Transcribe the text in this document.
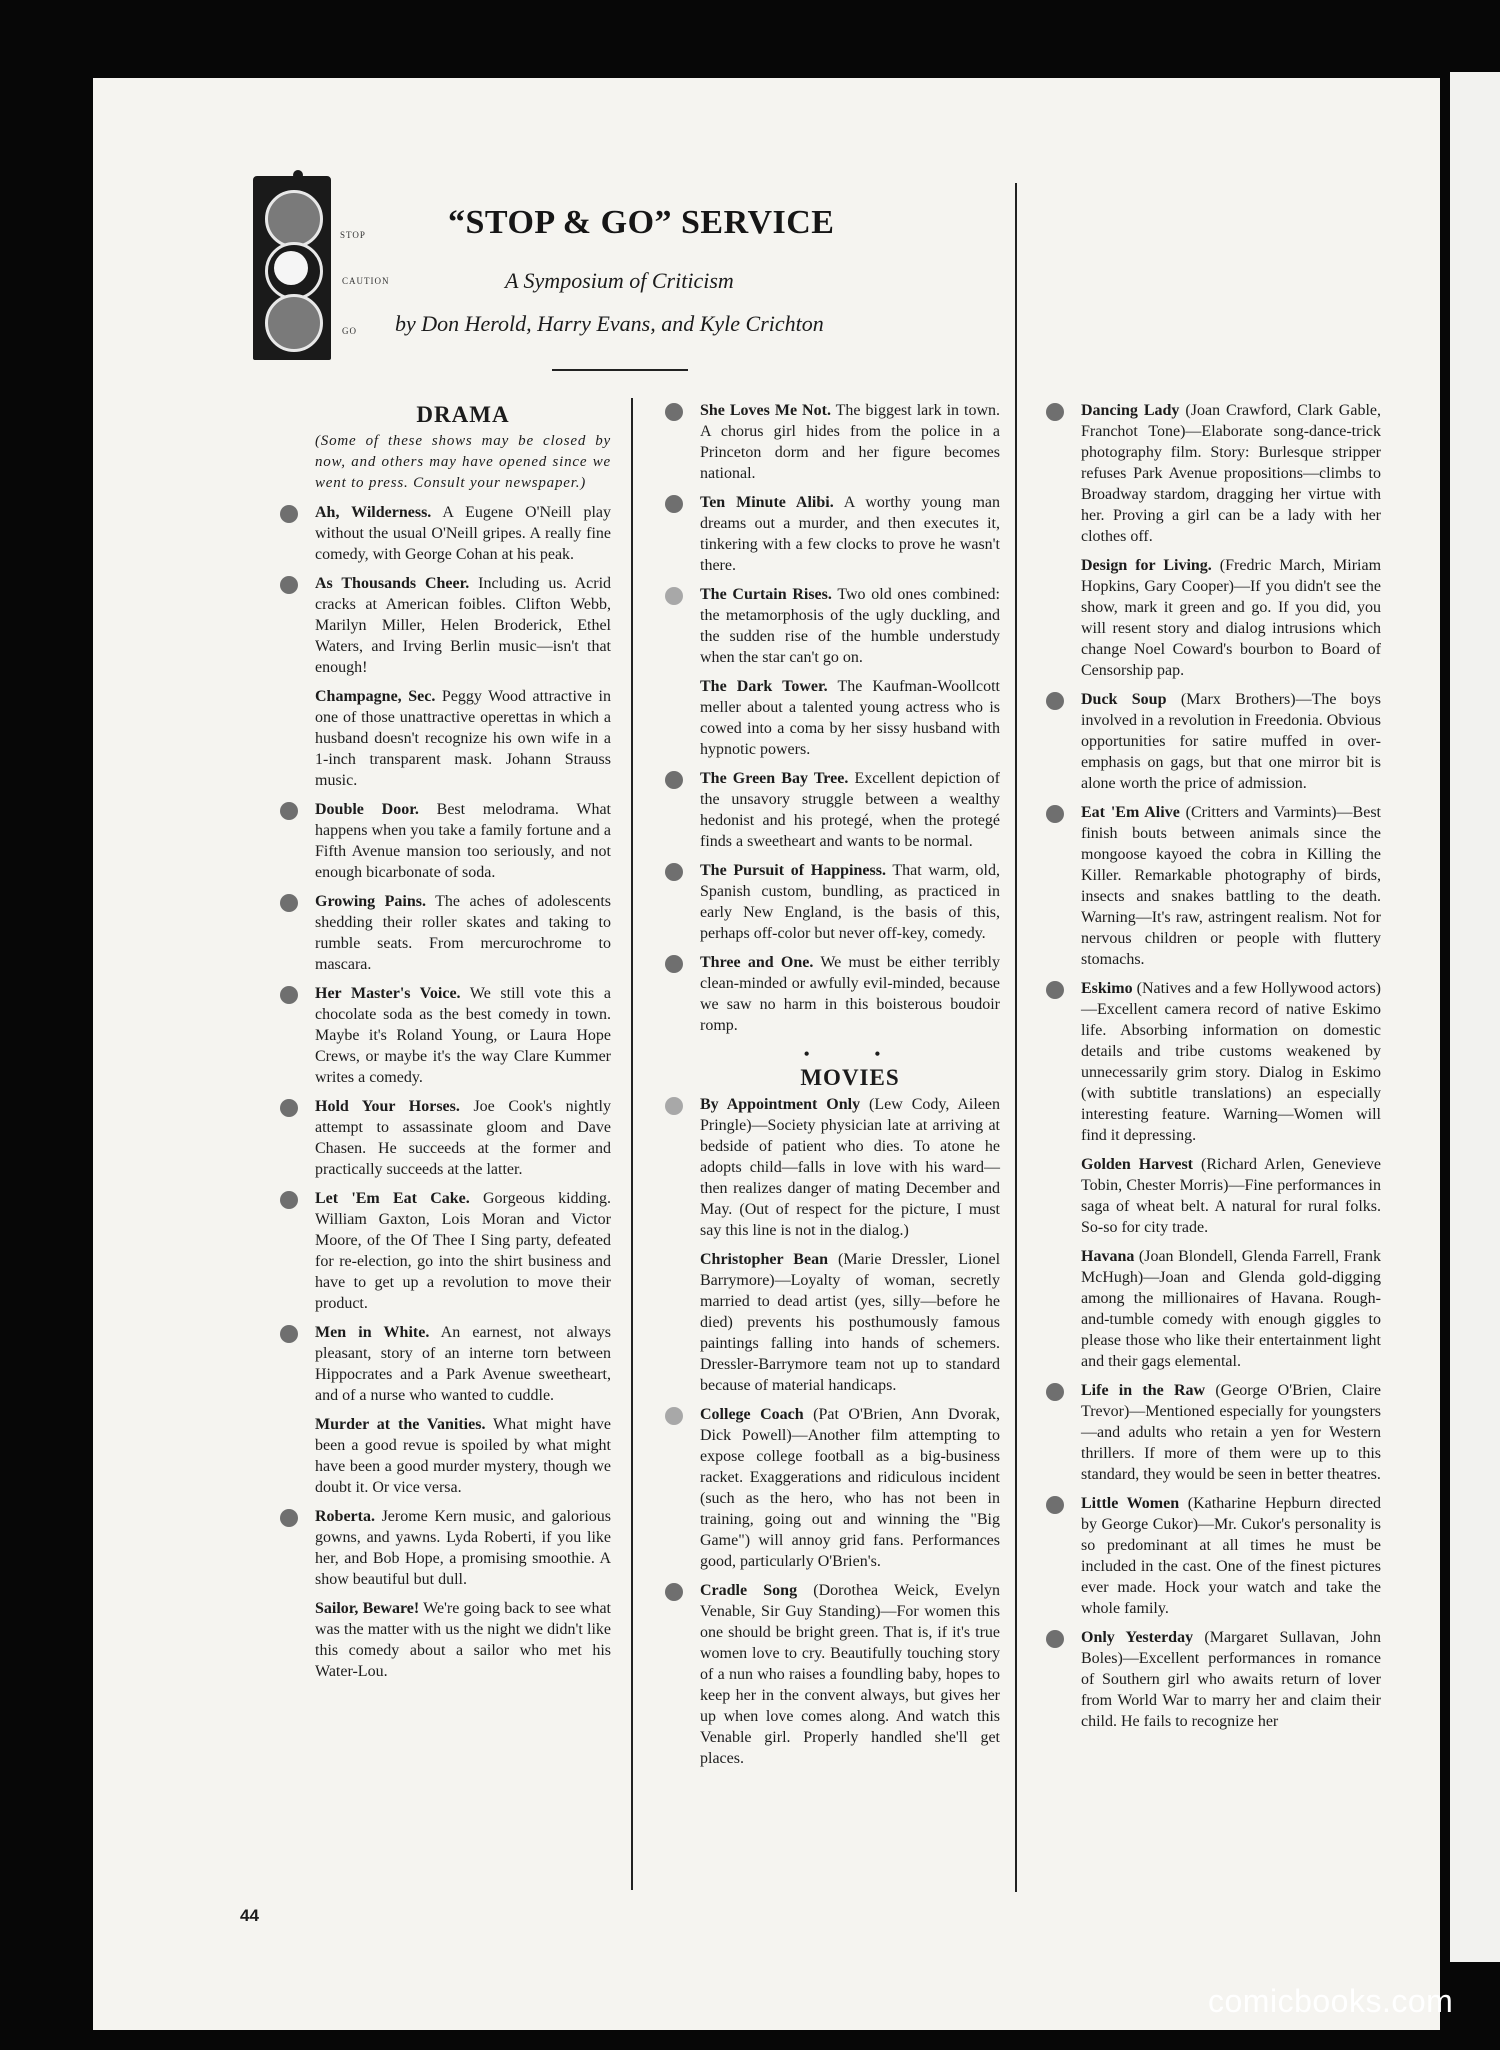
STOP
CAUTION
GO
“STOP & GO” SERVICE
A Symposium of Criticism
by Don Herold, Harry Evans, and Kyle Crichton
DRAMA
(Some of these shows may be closed by now, and others may have opened since we went to press. Consult your newspaper.)

Ah, Wilderness. A Eugene O'Neill play without the usual O'Neill gripes. A really fine comedy, with George Cohan at his peak.

As Thousands Cheer. Including us. Acrid cracks at American foibles. Clifton Webb, Marilyn Miller, Helen Broderick, Ethel Waters, and Irving Berlin music—isn't that enough!

Champagne, Sec. Peggy Wood attractive in one of those unattractive operettas in which a husband doesn't recognize his own wife in a 1-inch transparent mask. Johann Strauss music.

Double Door. Best melodrama. What happens when you take a family fortune and a Fifth Avenue mansion too seriously, and not enough bicarbonate of soda.

Growing Pains. The aches of adolescents shedding their roller skates and taking to rumble seats. From mercurochrome to mascara.

Her Master's Voice. We still vote this a chocolate soda as the best comedy in town. Maybe it's Roland Young, or Laura Hope Crews, or maybe it's the way Clare Kummer writes a comedy.

Hold Your Horses. Joe Cook's nightly attempt to assassinate gloom and Dave Chasen. He succeeds at the former and practically succeeds at the latter.

Let 'Em Eat Cake. Gorgeous kidding. William Gaxton, Lois Moran and Victor Moore, of the Of Thee I Sing party, defeated for re-election, go into the shirt business and have to get up a revolution to move their product.

Men in White. An earnest, not always pleasant, story of an interne torn between Hippocrates and a Park Avenue sweetheart, and of a nurse who wanted to cuddle.

Murder at the Vanities. What might have been a good revue is spoiled by what might have been a good murder mystery, though we doubt it. Or vice versa.

Roberta. Jerome Kern music, and galorious gowns, and yawns. Lyda Roberti, if you like her, and Bob Hope, a promising smoothie. A show beautiful but dull.

Sailor, Beware! We're going back to see what was the matter with us the night we didn't like this comedy about a sailor who met his Water-Lou.

She Loves Me Not. The biggest lark in town. A chorus girl hides from the police in a Princeton dorm and her figure becomes national.

Ten Minute Alibi. A worthy young man dreams out a murder, and then executes it, tinkering with a few clocks to prove he wasn't there.

The Curtain Rises. Two old ones combined: the metamorphosis of the ugly duckling, and the sudden rise of the humble understudy when the star can't go on.

The Dark Tower. The Kaufman-Woollcott meller about a talented young actress who is cowed into a coma by her sissy husband with hypnotic powers.

The Green Bay Tree. Excellent depiction of the unsavory struggle between a wealthy hedonist and his protegé, when the protegé finds a sweetheart and wants to be normal.

The Pursuit of Happiness. That warm, old, Spanish custom, bundling, as practiced in early New England, is the basis of this, perhaps off-color but never off-key, comedy.

Three and One. We must be either terribly clean-minded or awfully evil-minded, because we saw no harm in this boisterous boudoir romp.

• •
MOVIES

By Appointment Only (Lew Cody, Aileen Pringle)—Society physician late at arriving at bedside of patient who dies. To atone he adopts child—falls in love with his ward—then realizes danger of mating December and May. (Out of respect for the picture, I must say this line is not in the dialog.)

Christopher Bean (Marie Dressler, Lionel Barrymore)—Loyalty of woman, secretly married to dead artist (yes, silly—before he died) prevents his posthumously famous paintings falling into hands of schemers. Dressler-Barrymore team not up to standard because of material handicaps.

College Coach (Pat O'Brien, Ann Dvorak, Dick Powell)—Another film attempting to expose college football as a big-business racket. Exaggerations and ridiculous incident (such as the hero, who has not been in training, going out and winning the "Big Game") will annoy grid fans. Performances good, particularly O'Brien's.

Cradle Song (Dorothea Weick, Evelyn Venable, Sir Guy Standing)—For women this one should be bright green. That is, if it's true women love to cry. Beautifully touching story of a nun who raises a foundling baby, hopes to keep her in the convent always, but gives her up when love comes along. And watch this Venable girl. Properly handled she'll get places.

Dancing Lady (Joan Crawford, Clark Gable, Franchot Tone)—Elaborate song-dance-trick photography film. Story: Burlesque stripper refuses Park Avenue propositions—climbs to Broadway stardom, dragging her virtue with her. Proving a girl can be a lady with her clothes off.

Design for Living. (Fredric March, Miriam Hopkins, Gary Cooper)—If you didn't see the show, mark it green and go. If you did, you will resent story and dialog intrusions which change Noel Coward's bourbon to Board of Censorship pap.

Duck Soup (Marx Brothers)—The boys involved in a revolution in Freedonia. Obvious opportunities for satire muffed in over-emphasis on gags, but that one mirror bit is alone worth the price of admission.

Eat 'Em Alive (Critters and Varmints)—Best finish bouts between animals since the mongoose kayoed the cobra in Killing the Killer. Remarkable photography of birds, insects and snakes battling to the death. Warning—It's raw, astringent realism. Not for nervous children or people with fluttery stomachs.

Eskimo (Natives and a few Hollywood actors)—Excellent camera record of native Eskimo life. Absorbing information on domestic details and tribe customs weakened by unnecessarily grim story. Dialog in Eskimo (with subtitle translations) an especially interesting feature. Warning—Women will find it depressing.

Golden Harvest (Richard Arlen, Genevieve Tobin, Chester Morris)—Fine performances in saga of wheat belt. A natural for rural folks. So-so for city trade.

Havana (Joan Blondell, Glenda Farrell, Frank McHugh)—Joan and Glenda gold-digging among the millionaires of Havana. Rough-and-tumble comedy with enough giggles to please those who like their entertainment light and their gags elemental.

Life in the Raw (George O'Brien, Claire Trevor)—Mentioned especially for youngsters—and adults who retain a yen for Western thrillers. If more of them were up to this standard, they would be seen in better theatres.

Little Women (Katharine Hepburn directed by George Cukor)—Mr. Cukor's personality is so predominant at all times he must be included in the cast. One of the finest pictures ever made. Hock your watch and take the whole family.

Only Yesterday (Margaret Sullavan, John Boles)—Excellent performances in romance of Southern girl who awaits return of lover from World War to marry her and claim their child. He fails to recognize her

44
comicbooks.com
